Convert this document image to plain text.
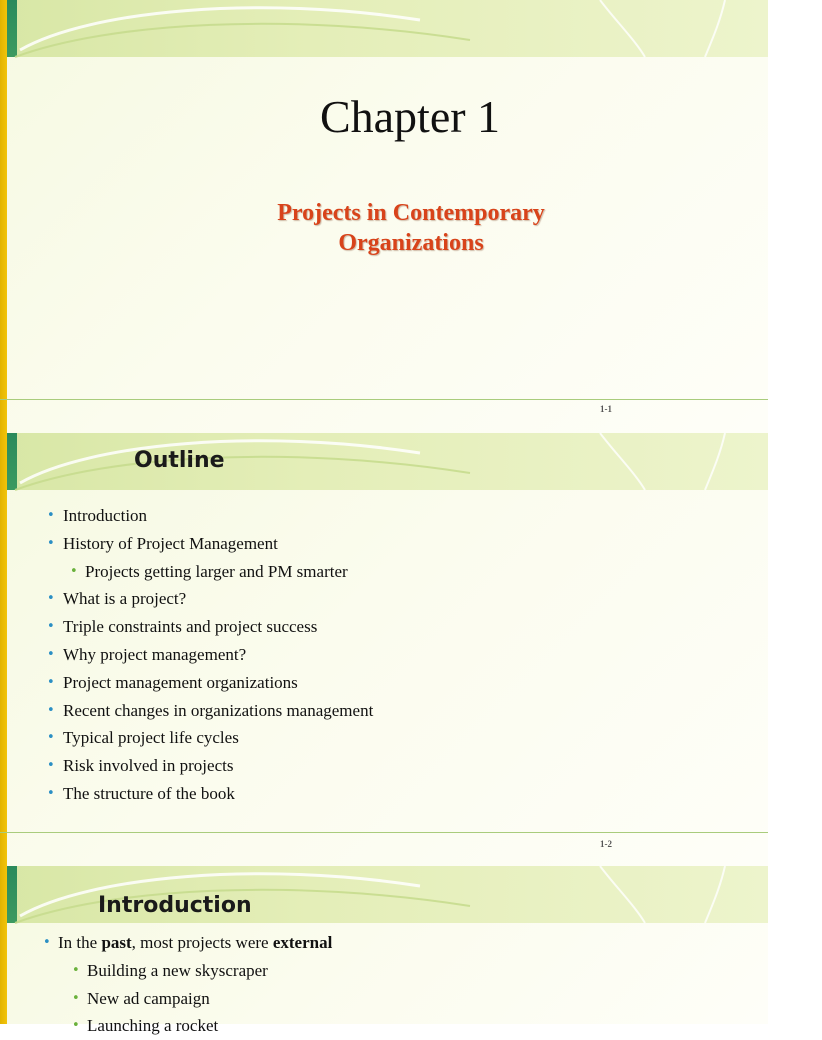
Chapter 1
Projects in Contemporary
Organizations
1-1
Outline
• Introduction
• History of Project Management
• Projects getting larger and PM smarter
• What is a project?
• Triple constraints and project success
• Why project management?
• Project management organizations
• Recent changes in organizations management
• Typical project life cycles
• Risk involved in projects
• The structure of the book
1-2
Introduction
• In the past, most projects were external
• Building a new skyscraper
• New ad campaign
• Launching a rocket
